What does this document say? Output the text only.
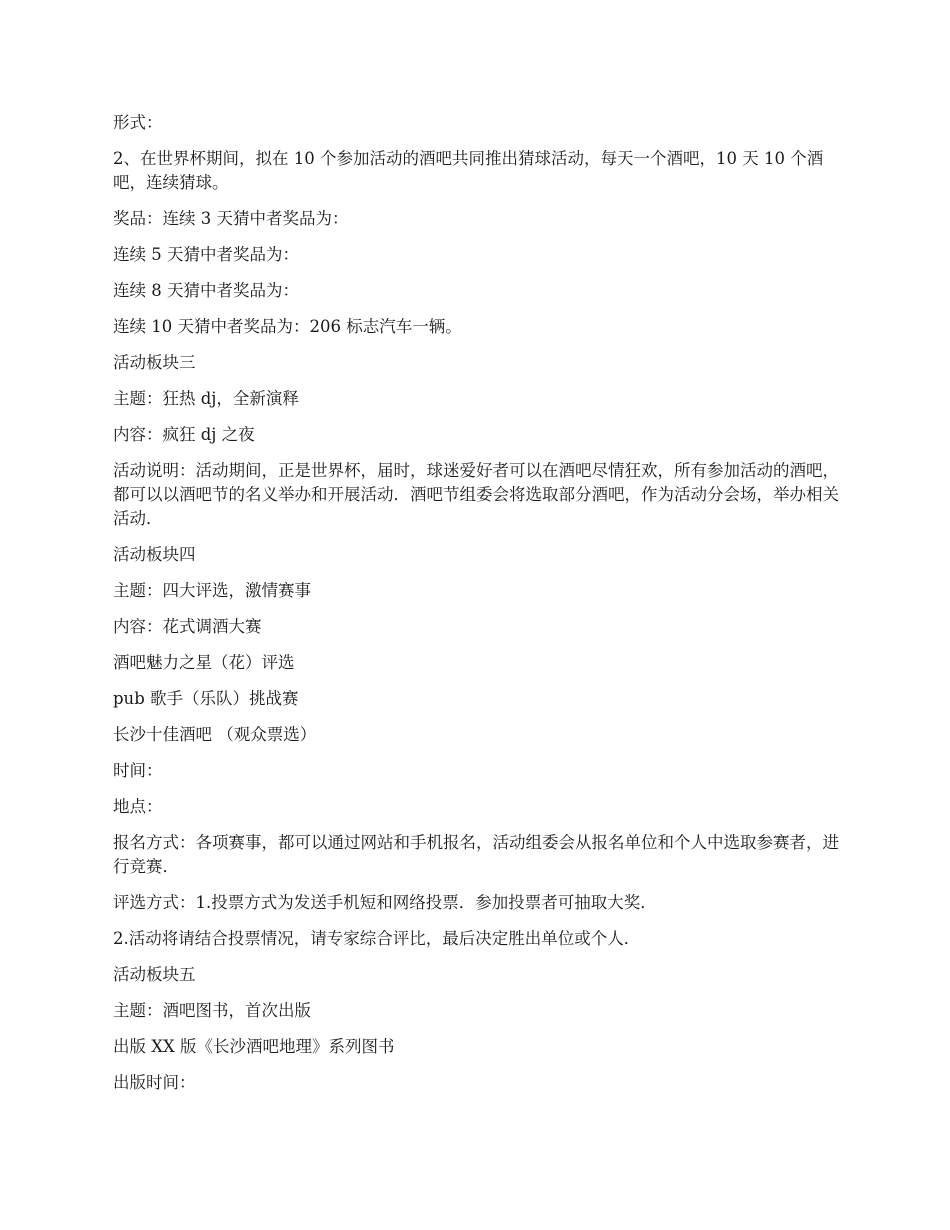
形式：

2、在世界杯期间，拟在 10 个参加活动的酒吧共同推出猜球活动，每天一个酒吧，10 天 10 个酒吧，连续猜球。

奖品：连续 3 天猜中者奖品为：

连续 5 天猜中者奖品为：

连续 8 天猜中者奖品为：

连续 10 天猜中者奖品为：206 标志汽车一辆。

活动板块三

主题：狂热 dj，全新演释

内容：疯狂 dj 之夜

活动说明：活动期间，正是世界杯，届时，球迷爱好者可以在酒吧尽情狂欢，所有参加活动的酒吧，都可以以酒吧节的名义举办和开展活动．酒吧节组委会将选取部分酒吧，作为活动分会场，举办相关活动．

活动板块四

主题：四大评选，激情赛事

内容：花式调酒大赛

酒吧魅力之星（花）评选

pub 歌手（乐队）挑战赛

长沙十佳酒吧 （观众票选）

时间：

地点：

报名方式：各项赛事，都可以通过网站和手机报名，活动组委会从报名单位和个人中选取参赛者，进行竞赛．

评选方式：1.投票方式为发送手机短和网络投票．参加投票者可抽取大奖．

2.活动将请结合投票情况，请专家综合评比，最后决定胜出单位或个人．

活动板块五

主题：酒吧图书，首次出版

出版 XX 版《长沙酒吧地理》系列图书

出版时间：
